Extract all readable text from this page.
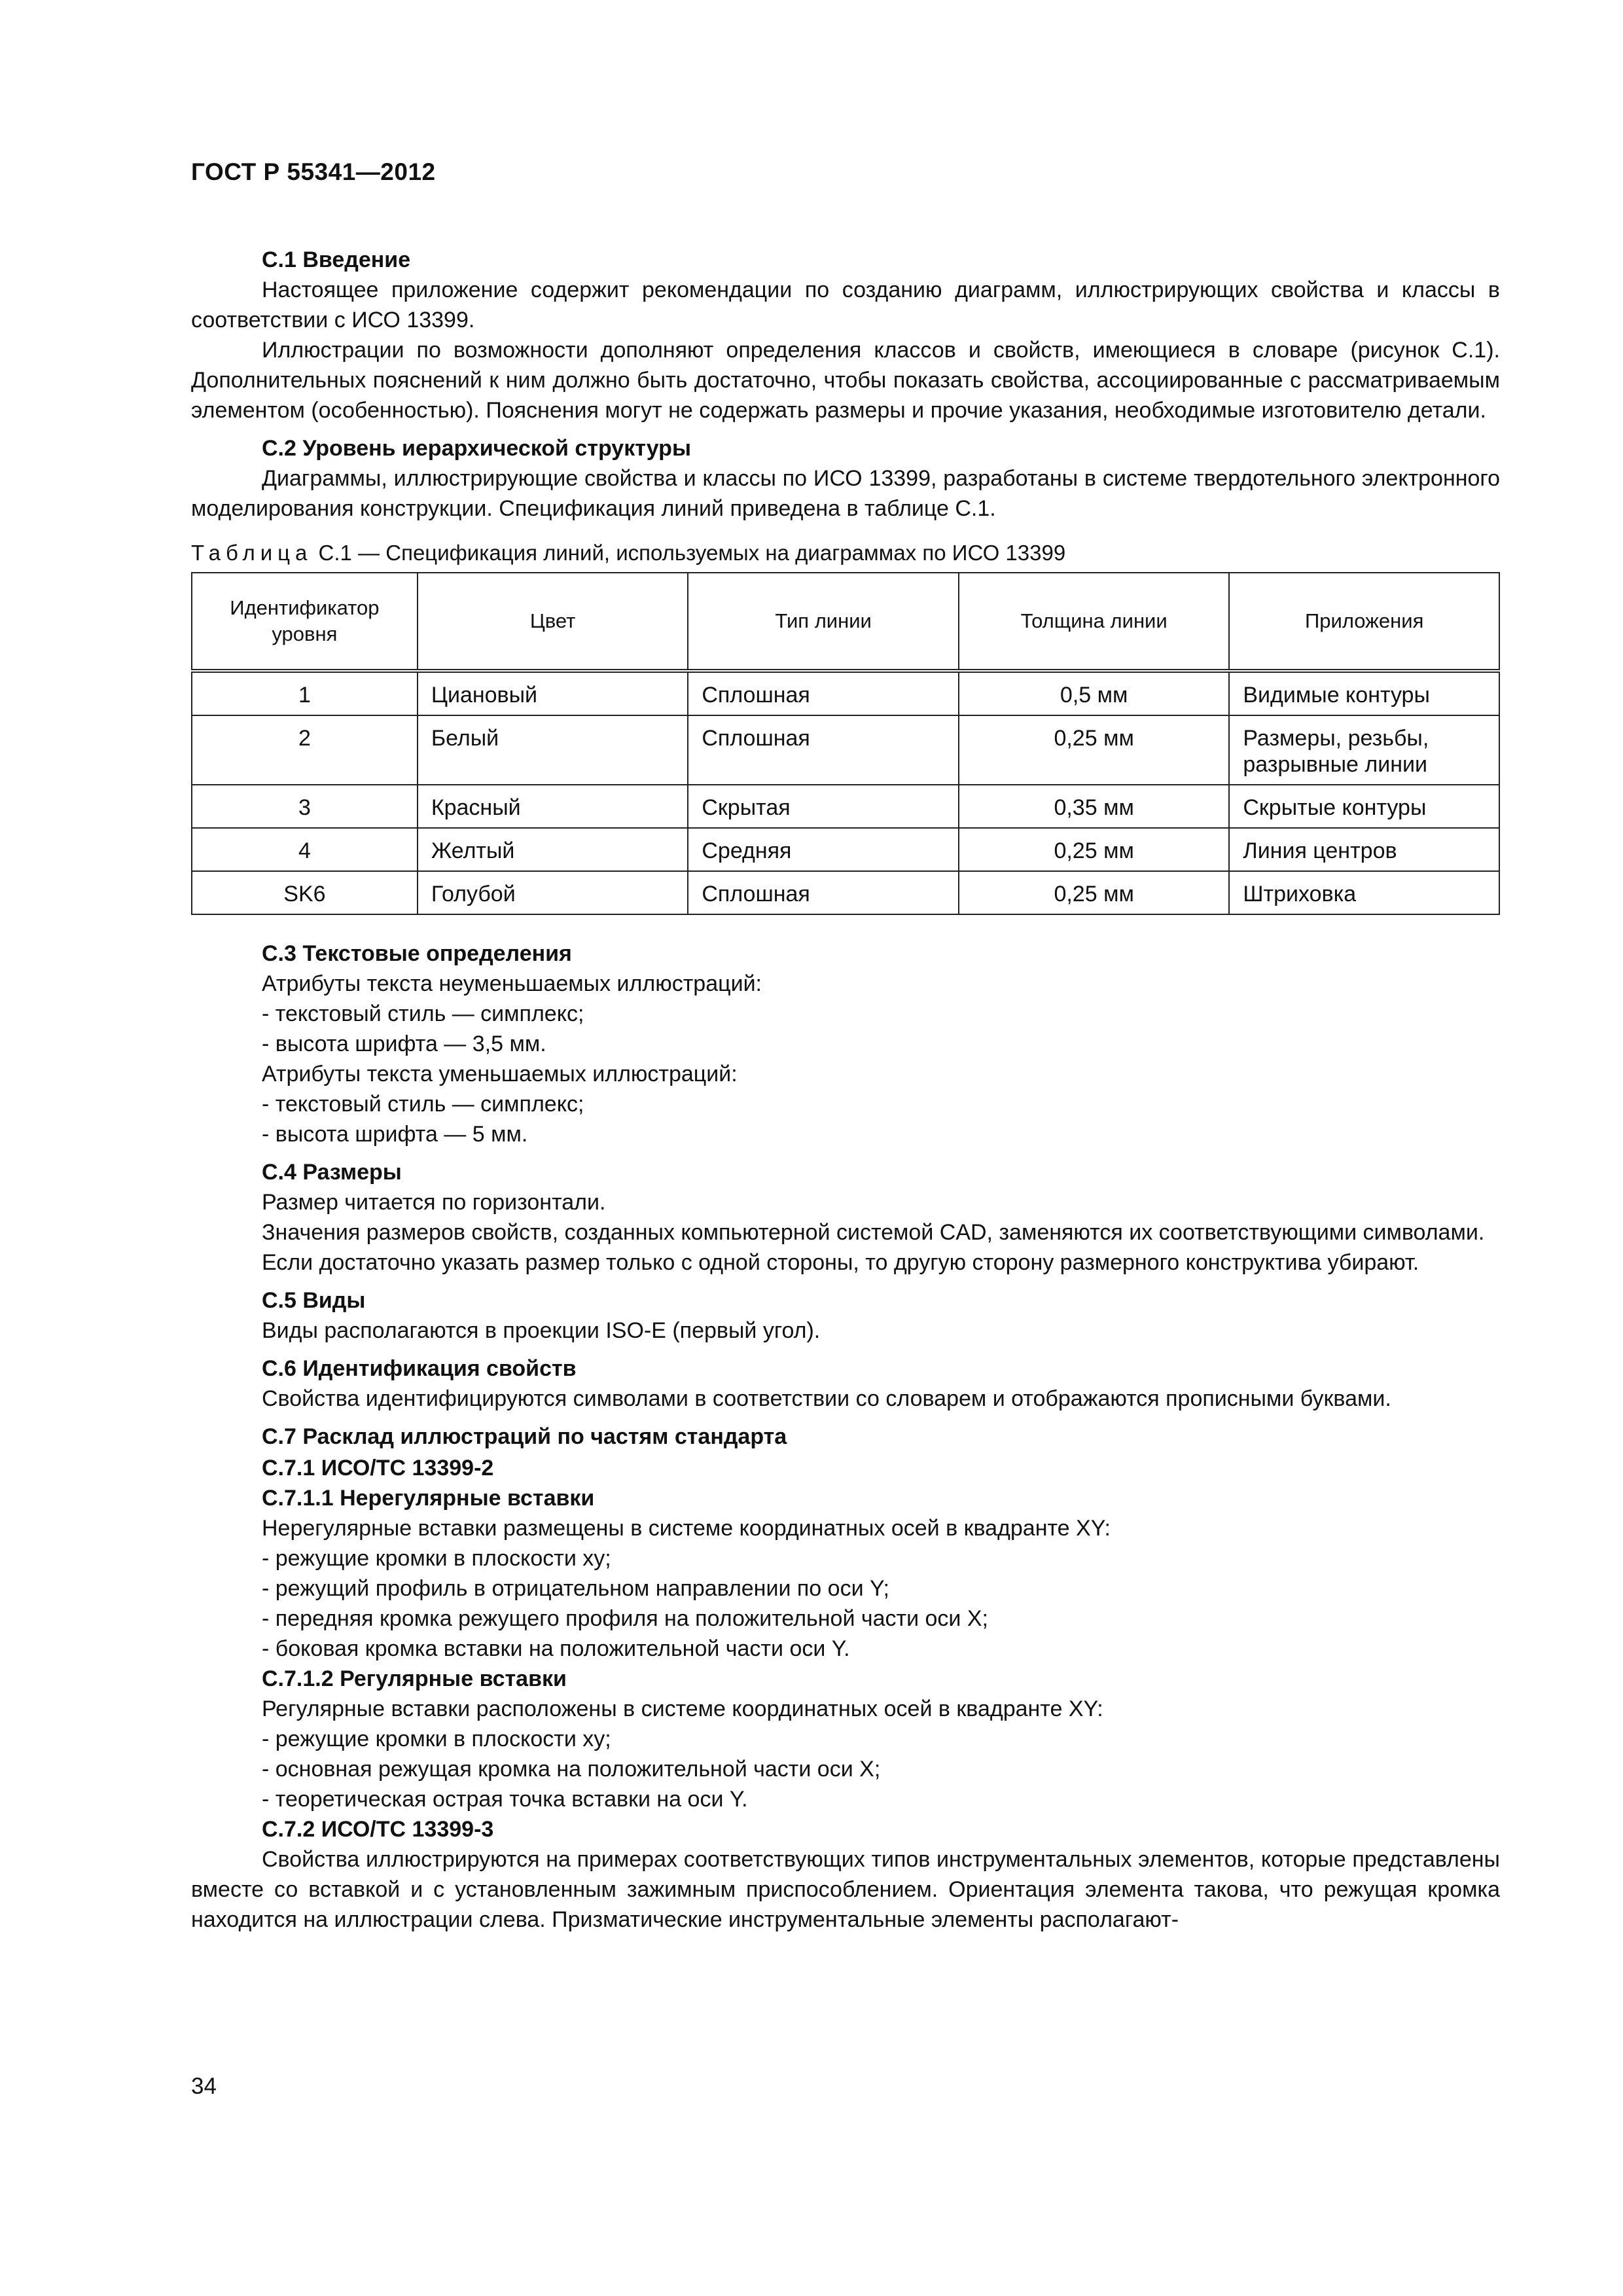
ГОСТ Р 55341—2012
С.1 Введение

Настоящее приложение содержит рекомендации по созданию диаграмм, иллюстрирующих свойства и классы в соответствии с ИСО 13399.

Иллюстрации по возможности дополняют определения классов и свойств, имеющиеся в словаре (рисунок С.1). Дополнительных пояснений к ним должно быть достаточно, чтобы показать свойства, ассоциированные с рассматриваемым элементом (особенностью). Пояснения могут не содержать размеры и прочие указания, необходимые изготовителю детали.

С.2 Уровень иерархической структуры

Диаграммы, иллюстрирующие свойства и классы по ИСО 13399, разработаны в системе твердотельного электронного моделирования конструкции. Спецификация линий приведена в таблице С.1.

Таблица С.1 — Спецификация линий, используемых на диаграммах по ИСО 13399
Идентификатор уровня	Цвет	Тип линии	Толщина линии	Приложения
1	Циановый	Сплошная	0,5 мм	Видимые контуры
2	Белый	Сплошная	0,25 мм	Размеры, резьбы, разрывные линии
3	Красный	Скрытая	0,35 мм	Скрытые контуры
4	Желтый	Средняя	0,25 мм	Линия центров
SK6	Голубой	Сплошная	0,25 мм	Штриховка
С.3 Текстовые определения
Атрибуты текста неуменьшаемых иллюстраций:
- текстовый стиль — симплекс;
- высота шрифта — 3,5 мм.
Атрибуты текста уменьшаемых иллюстраций:
- текстовый стиль — симплекс;
- высота шрифта — 5 мм.
С.4 Размеры

Размер читается по горизонтали.

Значения размеров свойств, созданных компьютерной системой CAD, заменяются их соответствующими символами.

Если достаточно указать размер только с одной стороны, то другую сторону размерного конструктива убирают.

С.5 Виды

Виды располагаются в проекции ISO-E (первый угол).

С.6 Идентификация свойств

Свойства идентифицируются символами в соответствии со словарем и отображаются прописными буквами.

С.7 Расклад иллюстраций по частям стандарта
С.7.1 ИСО/ТС 13399-2
С.7.1.1 Нерегулярные вставки
Нерегулярные вставки размещены в системе координатных осей в квадранте XY:
- режущие кромки в плоскости xy;
- режущий профиль в отрицательном направлении по оси Y;
- передняя кромка режущего профиля на положительной части оси X;
- боковая кромка вставки на положительной части оси Y.
С.7.1.2 Регулярные вставки
Регулярные вставки расположены в системе координатных осей в квадранте XY:
- режущие кромки в плоскости xy;
- основная режущая кромка на положительной части оси X;
- теоретическая острая точка вставки на оси Y.
С.7.2 ИСО/ТС 13399-3

Свойства иллюстрируются на примерах соответствующих типов инструментальных элементов, которые представлены вместе со вставкой и с установленным зажимным приспособлением. Ориентация элемента такова, что режущая кромка находится на иллюстрации слева. Призматические инструментальные элементы располагают-

34
